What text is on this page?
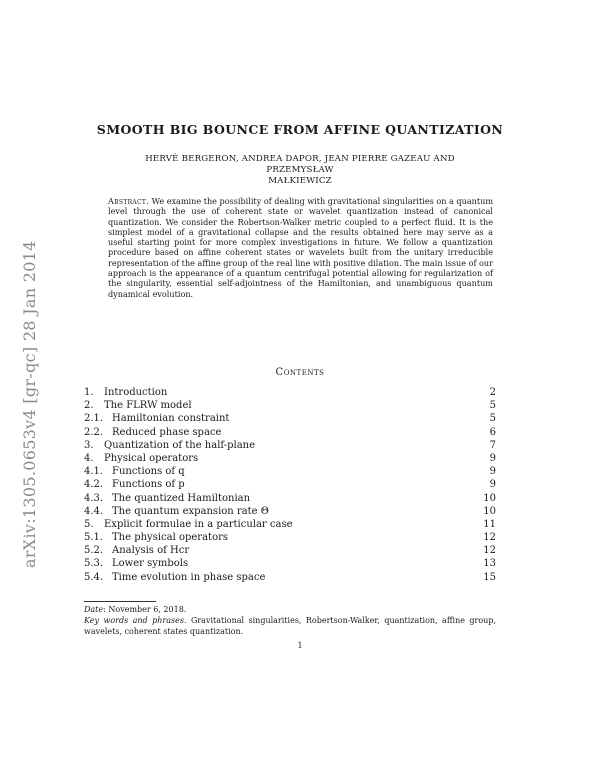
arXiv:1305.0653v4 [gr-qc] 28 Jan 2014
SMOOTH BIG BOUNCE FROM AFFINE QUANTIZATION
HERVÉ BERGERON, ANDREA DAPOR, JEAN PIERRE GAZEAU AND PRZEMYSŁAW
MAŁKIEWICZ
Abstract. We examine the possibility of dealing with gravitational singularities on a quantum level through the use of coherent state or wavelet quantization instead of canonical quantization. We consider the Robertson-Walker metric coupled to a perfect fluid. It is the simplest model of a gravitational collapse and the results obtained here may serve as a useful starting point for more complex investigations in future. We follow a quantization procedure based on affine coherent states or wavelets built from the unitary irreducible representation of the affine group of the real line with positive dilation. The main issue of our approach is the appearance of a quantum centrifugal potential allowing for regularization of the singularity, essential self-adjointness of the Hamiltonian, and unambiguous quantum dynamical evolution.
Contents
1. Introduction	2
2. The FLRW model	5
2.1. Hamiltonian constraint	5
2.2. Reduced phase space	6
3. Quantization of the half-plane	7
4. Physical operators	9
4.1. Functions of q	9
4.2. Functions of p	9
4.3. The quantized Hamiltonian	10
4.4. The quantum expansion rate Θ	10
5. Explicit formulae in a particular case	11
5.1. The physical operators	12
5.2. Analysis of Hcr	12
5.3. Lower symbols	13
5.4. Time evolution in phase space	15
Date: November 6, 2018.
Key words and phrases. Gravitational singularities, Robertson-Walker, quantization, affine group, wavelets, coherent states quantization.
1
